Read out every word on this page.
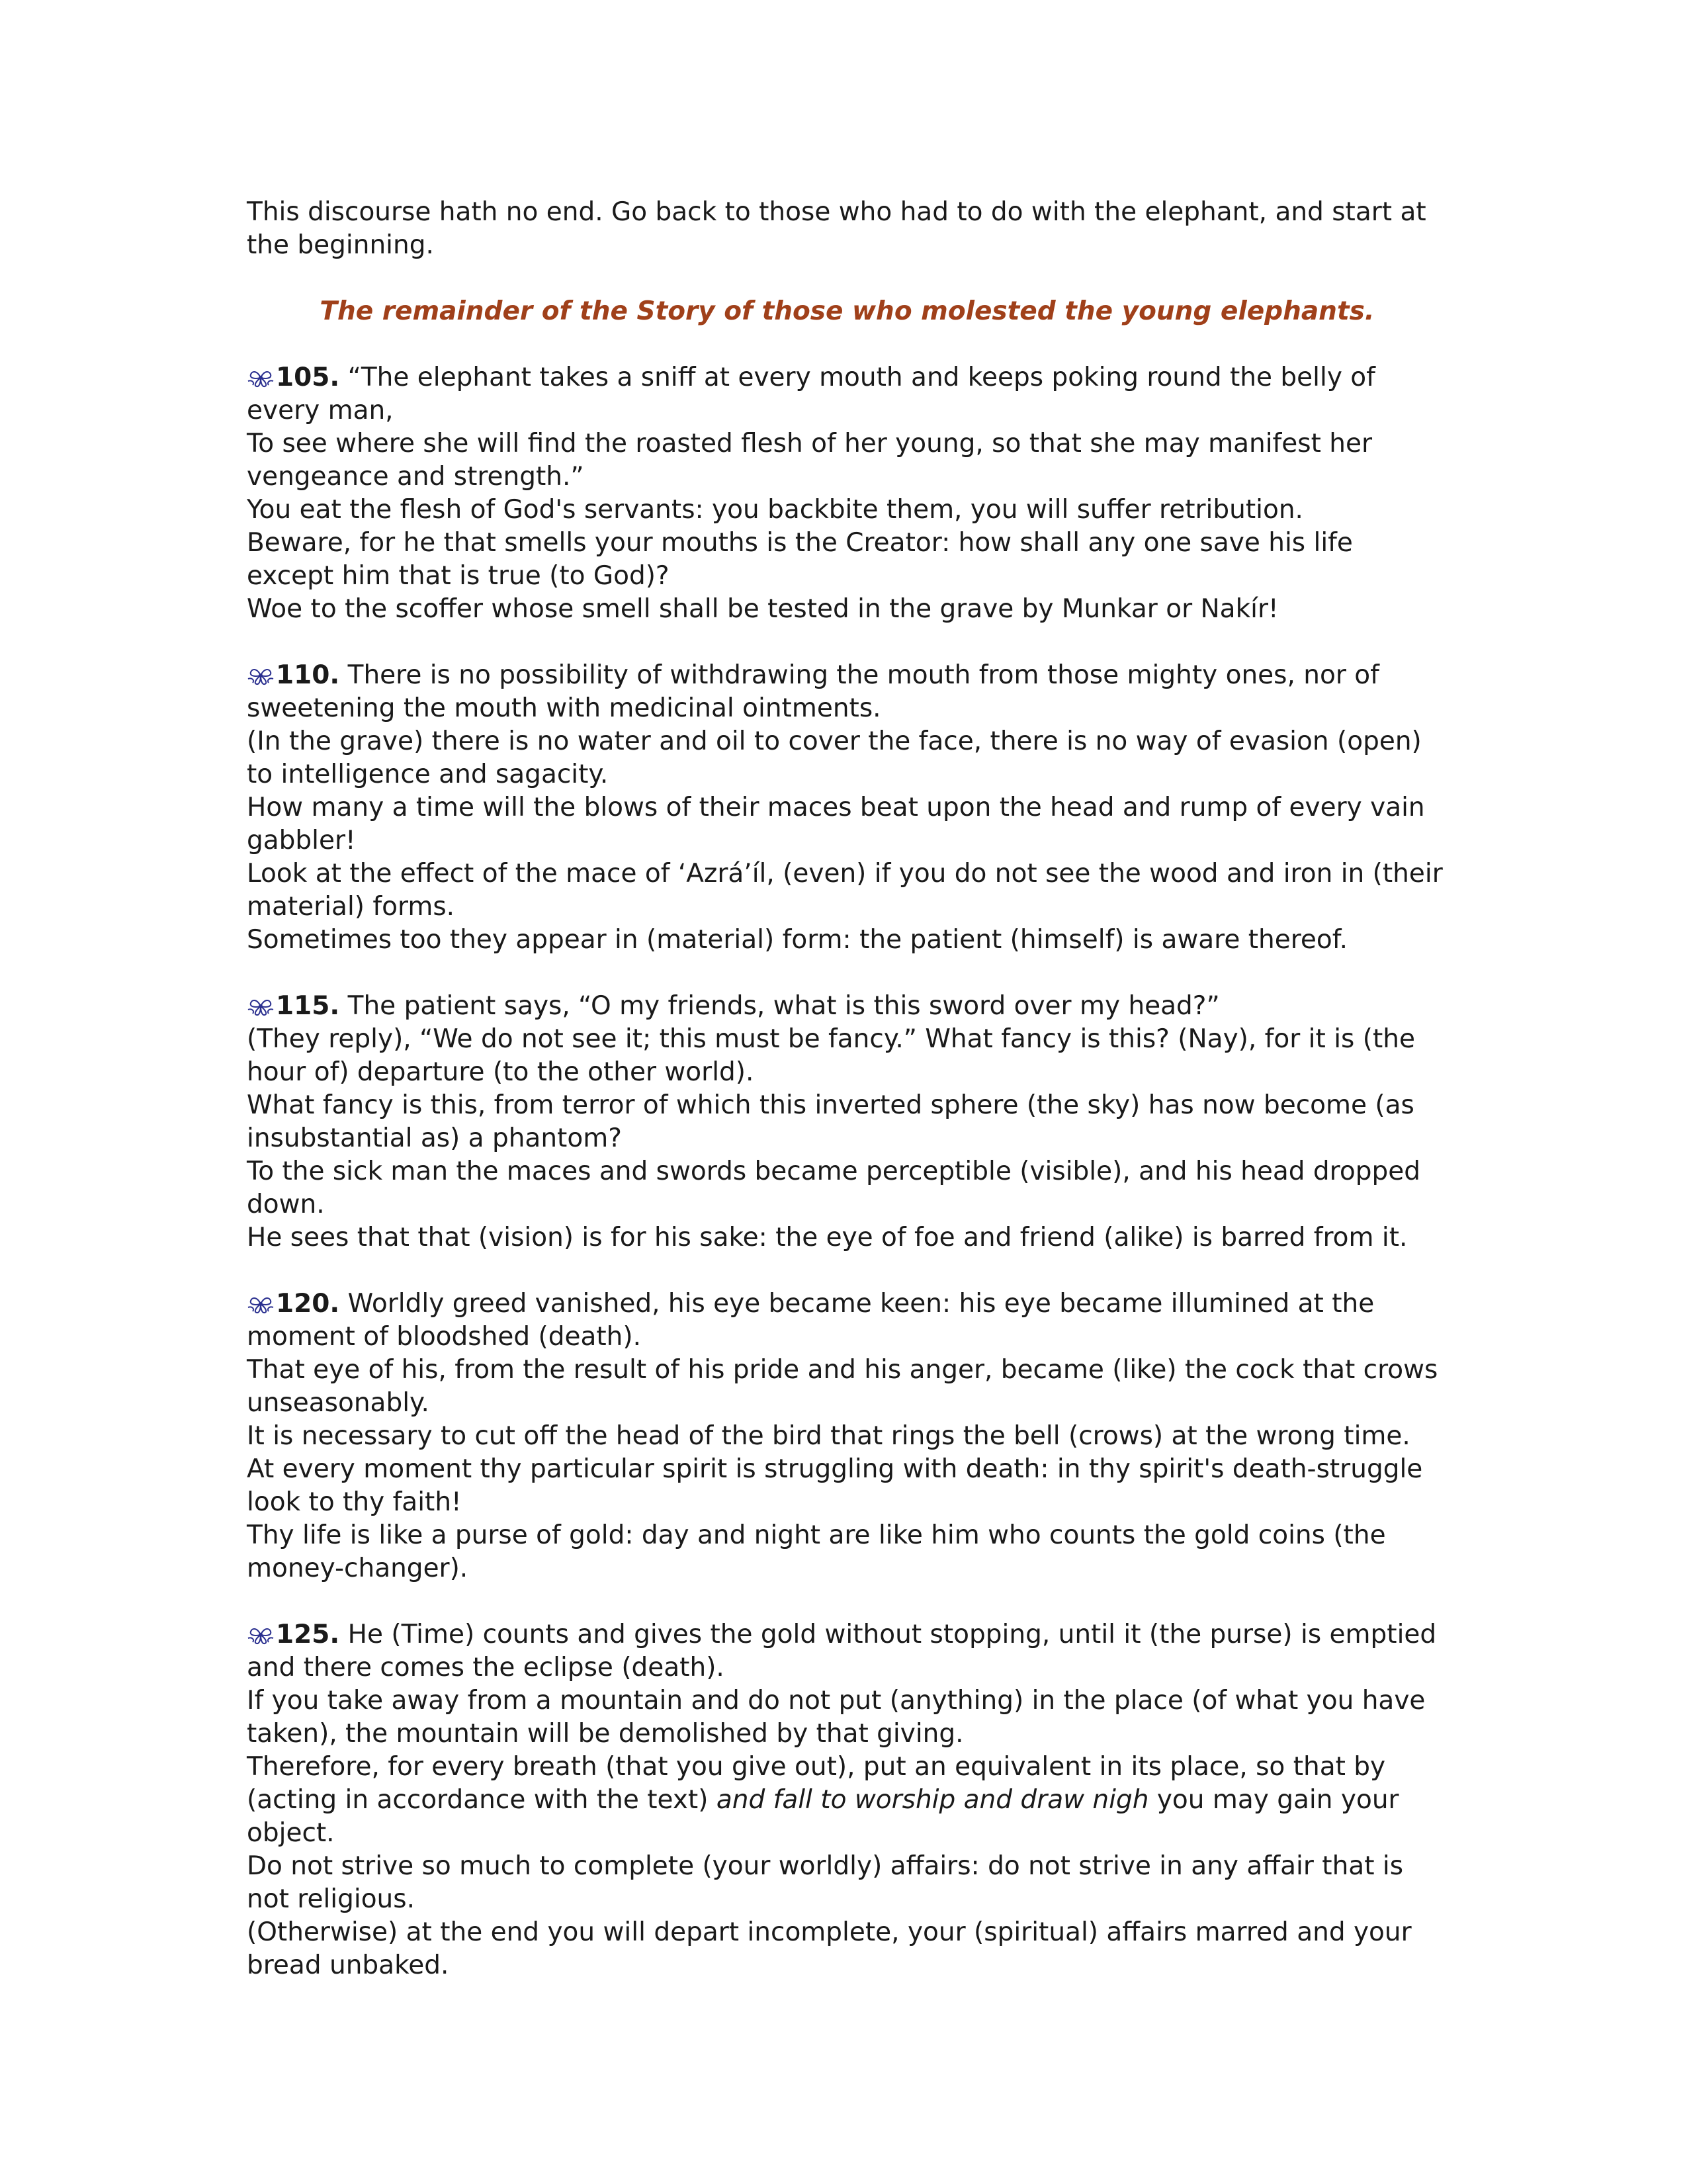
This discourse hath no end. Go back to those who had to do with the elephant, and start at the beginning.

The remainder of the Story of those who molested the young elephants.

105. “The elephant takes a sniff at every mouth and keeps poking round the belly of every man,

To see where she will find the roasted flesh of her young, so that she may manifest her vengeance and strength.”

You eat the flesh of God's servants: you backbite them, you will suffer retribution.

Beware, for he that smells your mouths is the Creator: how shall any one save his life except him that is true (to God)?

Woe to the scoffer whose smell shall be tested in the grave by Munkar or Nakír!

110. There is no possibility of withdrawing the mouth from those mighty ones, nor of sweetening the mouth with medicinal ointments.

(In the grave) there is no water and oil to cover the face, there is no way of evasion (open) to intelligence and sagacity.

How many a time will the blows of their maces beat upon the head and rump of every vain gabbler!

Look at the effect of the mace of ‘Azrá’íl, (even) if you do not see the wood and iron in (their material) forms.

Sometimes too they appear in (material) form: the patient (himself) is aware thereof.

115. The patient says, “O my friends, what is this sword over my head?”

(They reply), “We do not see it; this must be fancy.” What fancy is this? (Nay), for it is (the hour of) departure (to the other world).

What fancy is this, from terror of which this inverted sphere (the sky) has now become (as insubstantial as) a phantom?

To the sick man the maces and swords became perceptible (visible), and his head dropped down.

He sees that that (vision) is for his sake: the eye of foe and friend (alike) is barred from it.

120. Worldly greed vanished, his eye became keen: his eye became illumined at the moment of bloodshed (death).

That eye of his, from the result of his pride and his anger, became (like) the cock that crows unseasonably.

It is necessary to cut off the head of the bird that rings the bell (crows) at the wrong time.

At every moment thy particular spirit is struggling with death: in thy spirit's death-struggle look to thy faith!

Thy life is like a purse of gold: day and night are like him who counts the gold coins (the money-changer).

125. He (Time) counts and gives the gold without stopping, until it (the purse) is emptied and there comes the eclipse (death).

If you take away from a mountain and do not put (anything) in the place (of what you have taken), the mountain will be demolished by that giving.

Therefore, for every breath (that you give out), put an equivalent in its place, so that by (acting in accordance with the text) and fall to worship and draw nigh you may gain your object.

Do not strive so much to complete (your worldly) affairs: do not strive in any affair that is not religious.

(Otherwise) at the end you will depart incomplete, your (spiritual) affairs marred and your bread unbaked.
